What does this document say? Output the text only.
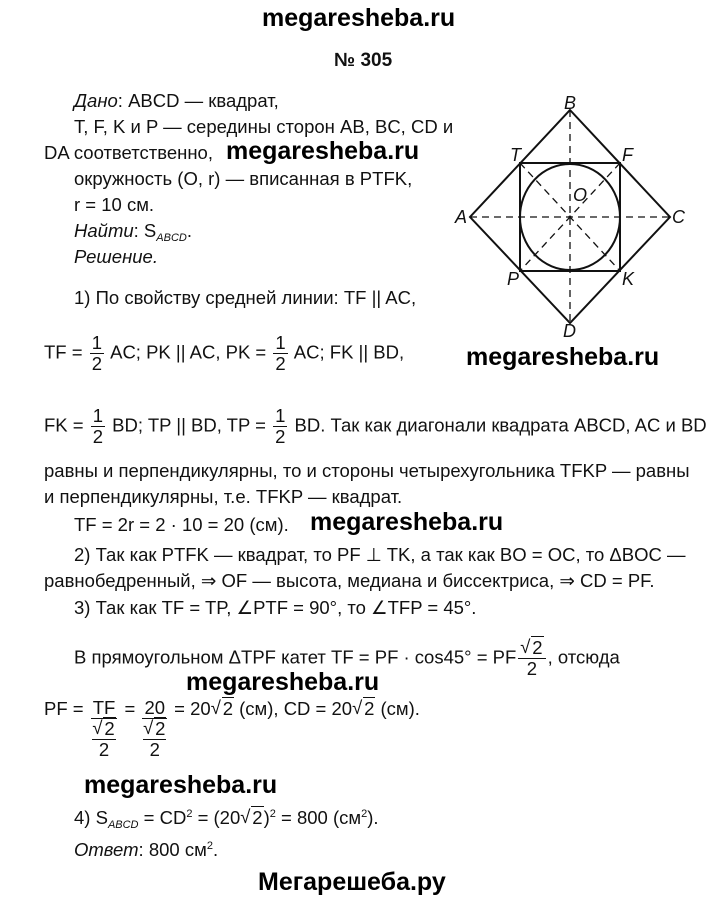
megaresheba.ru
№ 305
Дано: ABCD — квадрат,
T, F, K и P — середины сторон AB, BC, CD и
DA соответственно, megaresheba.ru
окружность (O, r) — вписанная в PTFK,
r = 10 см.
Найти: $S_{ABCD}$.
Решение.
B
A	C
D
T	F
P	K
O
1) По свойству средней линии: TF || AC,
TF = $\frac{1}{2}$ AC; PK || AC, PK = $\frac{1}{2}$ AC; FK || BD, megaresheba.ru
FK = $\frac{1}{2}$ BD; TP || BD, TP = $\frac{1}{2}$ BD. Так как диагонали квадрата ABCD, AC и BD
равны и перпендикулярны, то и стороны четырехугольника TFKP — равны
и перпендикулярны, т.е. TFKP — квадрат.
TF = 2r = 2 · 10 = 20 (см). megaresheba.ru
2) Так как PTFK — квадрат, то PF ⊥ TK, а так как BO = OC, то ΔBOC —
равнобедренный, ⇒ OF — высота, медиана и биссектриса, ⇒ CD = PF.
3) Так как TF = TP, ∠PTF = 90°, то ∠TFP = 45°.
В прямоугольном ΔTPF катет TF = PF · cos45° = PF
√ $\frac{2}{2}$ , отсюда
megaresheba.ru
PF = TF
√ 2
2
= 20
√ 2
2
= 20√ 2 (см), CD = 20√ 2 (см).
megaresheba.ru
4) $S_{ABCD} = CD^2 = (20√$ 2)$^2$ = 800 $(см^2)$.
Ответ: 800 $см^2$.
Мегарешеба.ру
